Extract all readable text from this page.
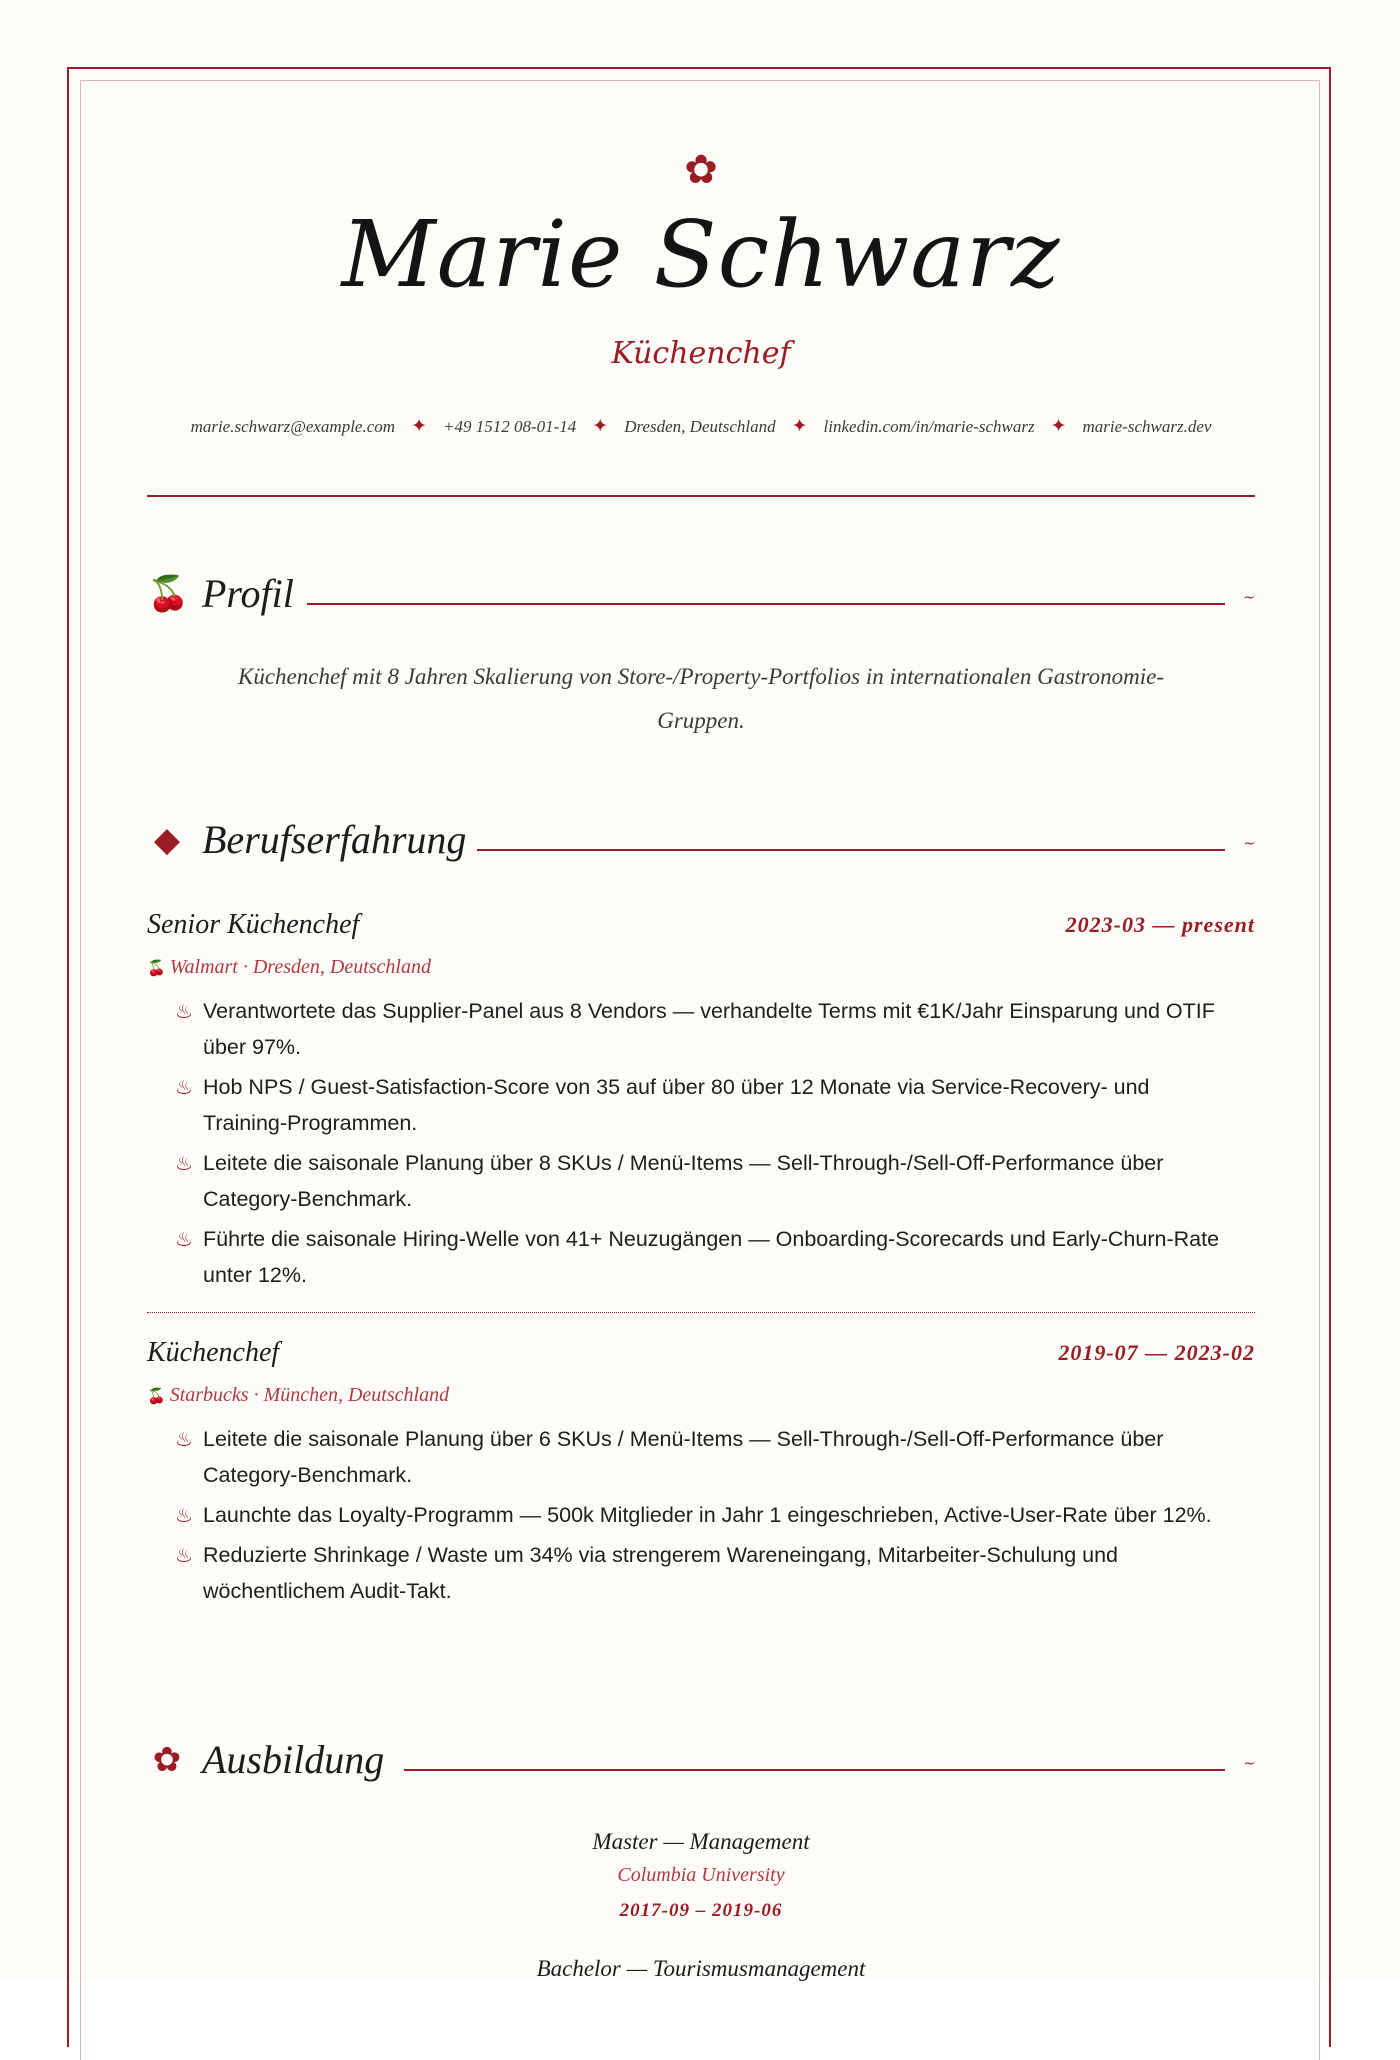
✿
Marie Schwarz
Küchenchef
marie.schwarz@example.com ✦ +49 1512 08-01-14 ✦ Dresden, Deutschland ✦ linkedin.com/in/marie-schwarz ✦ marie-schwarz.dev
🍒 Profil	~
Küchenchef mit 8 Jahren Skalierung von Store-/Property-Portfolios in internationalen Gastronomie-Gruppen.
◆ Berufserfahrung	~
Senior Küchenchef	2023-03 — present
🍒 Walmart · Dresden, Deutschland
♨ Verantwortete das Supplier-Panel aus 8 Vendors — verhandelte Terms mit €1K/Jahr Einsparung und OTIF über 97%.
♨ Hob NPS / Guest-Satisfaction-Score von 35 auf über 80 über 12 Monate via Service-Recovery- und Training-Programmen.
♨ Leitete die saisonale Planung über 8 SKUs / Menü-Items — Sell-Through-/Sell-Off-Performance über Category-Benchmark.
♨ Führte die saisonale Hiring-Welle von 41+ Neuzugängen — Onboarding-Scorecards und Early-Churn-Rate unter 12%.
Küchenchef	2019-07 — 2023-02
🍒 Starbucks · München, Deutschland
♨ Leitete die saisonale Planung über 6 SKUs / Menü-Items — Sell-Through-/Sell-Off-Performance über Category-Benchmark.
♨ Launchte das Loyalty-Programm — 500k Mitglieder in Jahr 1 eingeschrieben, Active-User-Rate über 12%.
♨ Reduzierte Shrinkage / Waste um 34% via strengerem Wareneingang, Mitarbeiter-Schulung und wöchentlichem Audit-Takt.
✿ Ausbildung	~
Master — Management
Columbia University
2017-09 – 2019-06
Bachelor — Tourismusmanagement
